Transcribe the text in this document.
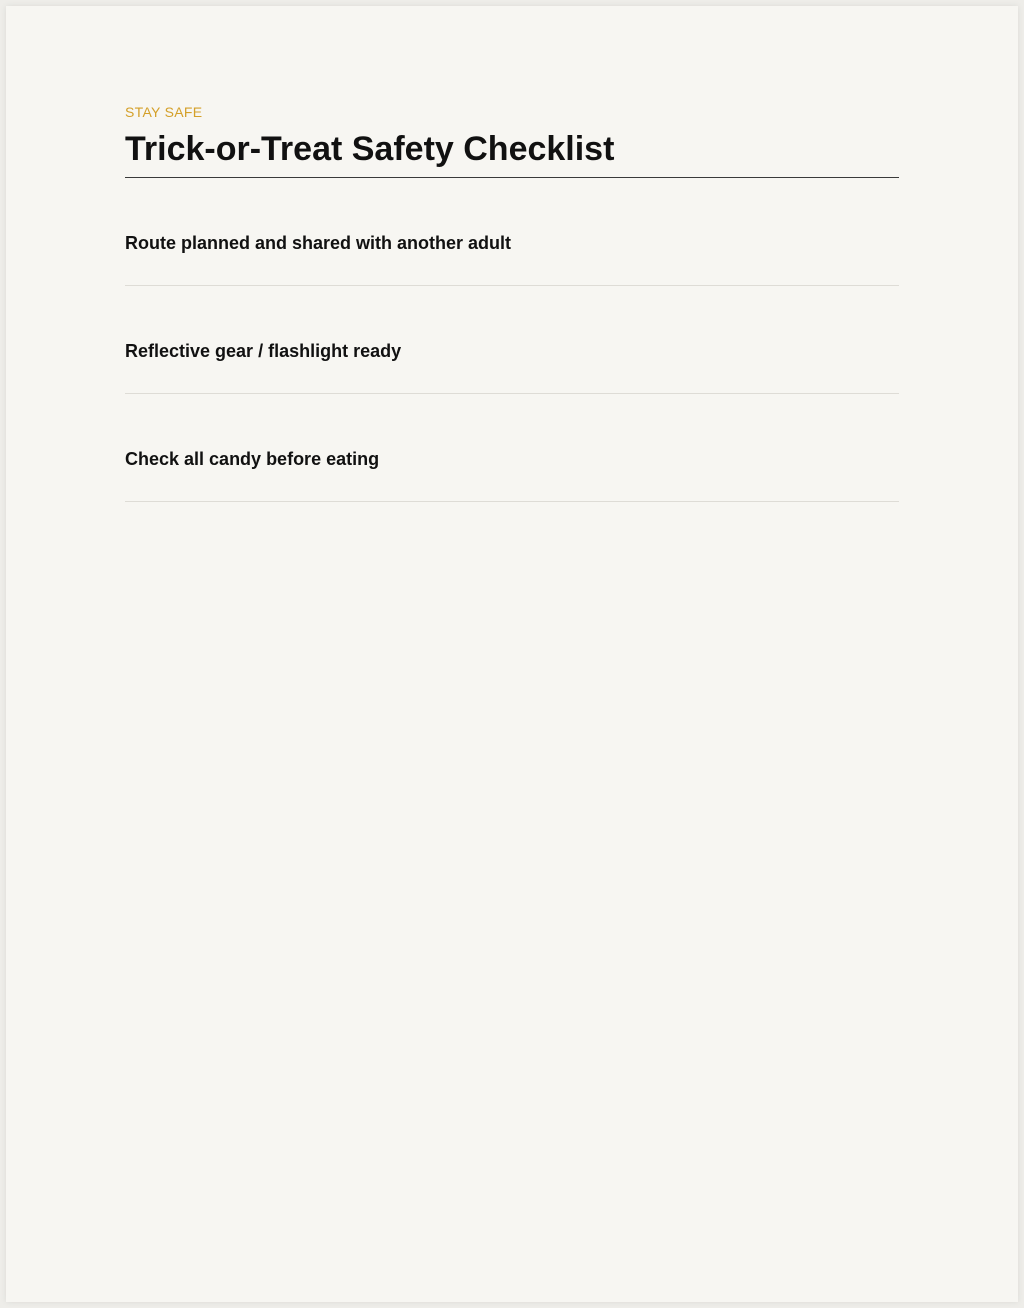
STAY SAFE
Trick-or-Treat Safety Checklist
Route planned and shared with another adult
Reflective gear / flashlight ready
Check all candy before eating
